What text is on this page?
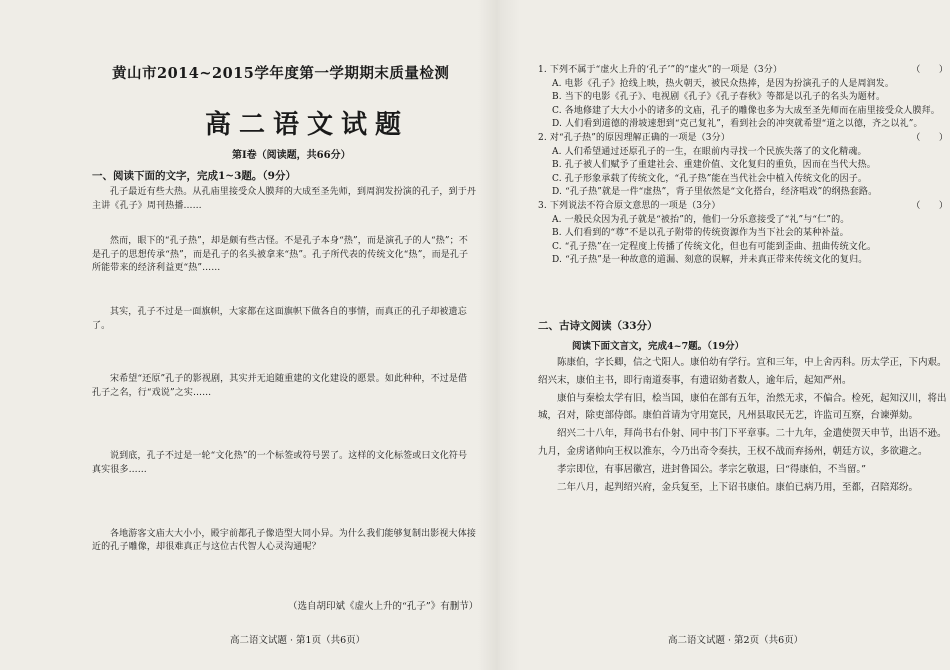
黄山市2014~2015学年度第一学期期末质量检测
高二语文试题
第Ⅰ卷（阅读题，共66分）
一、阅读下面的文字，完成1~3题。（9分）

孔子最近有些大热。从孔庙里接受众人膜拜的大成至圣先师，到周润发扮演的孔子，到于丹主讲《孔子》周刊热播……

然而，眼下的“孔子热”，却是颇有些古怪。不是孔子本身“热”，而是演孔子的人“热”；不是孔子的思想传承“热”，而是孔子的名头被拿来“热”。孔子所代表的传统文化“热”，而是孔子所能带来的经济利益更“热”……

其实，孔子不过是一面旗帜，大家都在这面旗帜下做各自的事情，而真正的孔子却被遗忘了。

宋希望“还原”孔子的影视剧，其实并无追随重建的文化建设的愿景。如此种种，不过是借孔子之名，行“戏说”之实……

说到底，孔子不过是一轮“文化热”的一个标签或符号罢了。这样的文化标签或曰文化符号真实很多……

各地游客文庙大大小小，殿宇前都孔子像造型大同小异。为什么我们能够复制出影视大体接近的孔子雕像，却很难真正与这位古代智人心灵沟通呢？

（选自胡印斌《虚火上升的“孔子”》有删节）
高二语文试题 · 第1页（共6页）

1. 下列不属于“虚火上升的‘孔子’”的“虚火”的一项是（3分）	（　　）

A. 电影《孔子》抢线上映，热火朝天，被民众热捧，是因为扮演孔子的人是周润发。

B. 当下的电影《孔子》、电视剧《孔子》《孔子春秋》等都是以孔子的名头为题材。

C. 各地修建了大大小小的诸多的文庙，孔子的雕像也多为大成至圣先师而在庙里接受众人膜拜。

D. 人们看到道德的滑坡速想到“克己复礼”，看到社会的冲突就希望“道之以德，齐之以礼”。

2. 对“孔子热”的原因理解正确的一项是（3分）	（　　）

A. 人们希望通过还原孔子的一生，在眼前内寻找一个民族失落了的文化精魂。

B. 孔子被人们赋予了重建社会、重建价值、文化复归的重负，因而在当代大热。

C. 孔子形象承载了传统文化，“孔子热”能在当代社会中植入传统文化的因子。

D. “孔子热”就是一件“虚热”，背子里依然是“文化搭台，经济唱戏”的纲热套路。

3. 下列说法不符合原文意思的一项是（3分）	（　　）

A. 一般民众因为孔子就是“被抬”的，他们一分乐意接受了“礼”与“仁”的。

B. 人们看到的“尊”不是以孔子附带的传统资源作为当下社会的某种补益。

C. “孔子热”在一定程度上传播了传统文化，但也有可能到歪曲、扭曲传统文化。

D. “孔子热”是一种故意的道漏、刻意的误解，并未真正带来传统文化的复归。

二、古诗文阅读（33分）
阅读下面文言文，完成4~7题。（19分）

陈康伯，字长卿，信之弋阳人。康伯幼有学行。宣和三年，中上舍丙科。历太学正，下内艰。绍兴末，康伯主书，即行南道奏事，有遗诏劾者数人，逾年后，起知严州。

康伯与秦桧太学有旧，桧当国，康伯在部有五年，治然无求，不偏合。检死，起知汉川，将出城，召对，除吏部侍郎。康伯首请为守用宽民，凡州县取民无艺，许监司互察，台谏弹劾。

绍兴二十八年，拜尚书右仆射、同中书门下平章事。二十九年，金遣使贺天申节，出语不逊。九月，金虏诸帅向王权以淮东，今乃出奇令奏扶，王权不战而弃扬州，朝廷方议，多欲避之。

孝宗即位，有事居徽宫，进封鲁国公。孝宗乞敬退，曰“得康伯，不当留。”

二年八月，起判绍兴府，金兵复至，上下诏书康伯。康伯已病乃用，至都，召陪郑纷。

高二语文试题 · 第2页（共6页）
